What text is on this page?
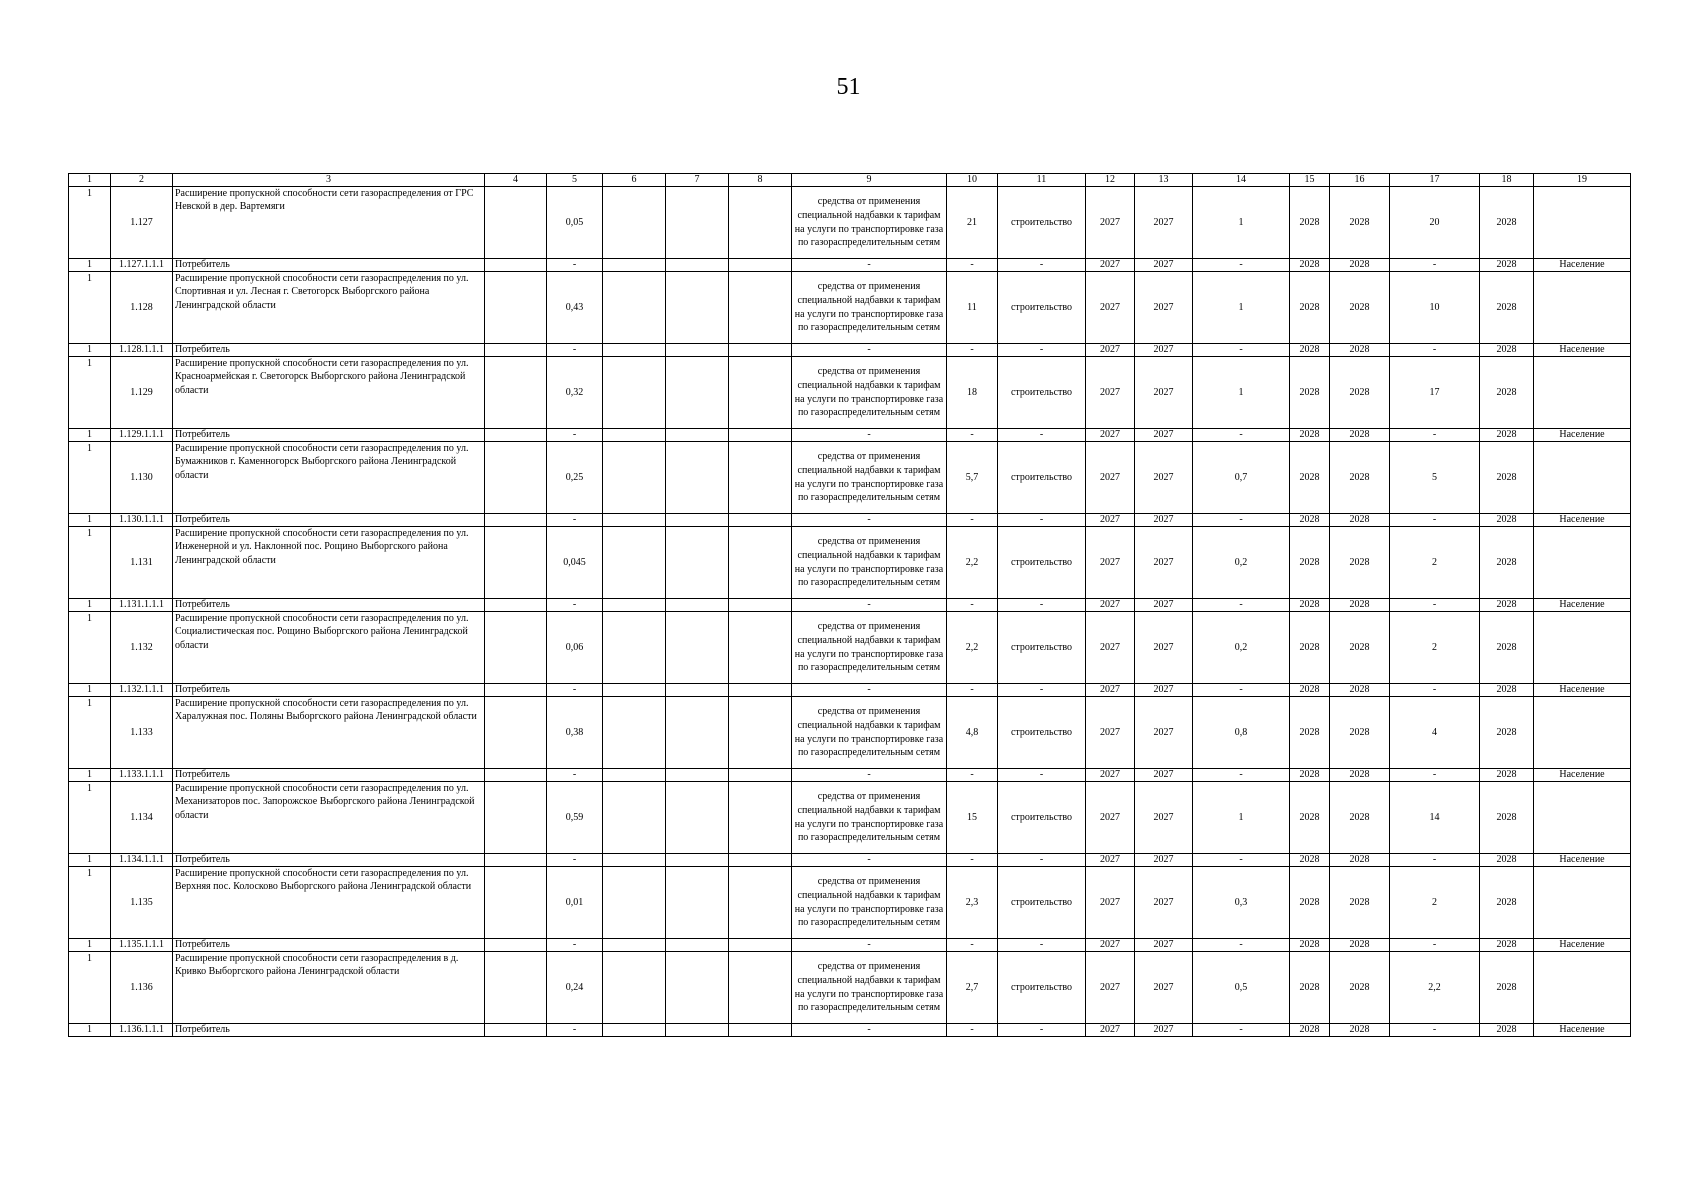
51
1	2	3	4	5	6	7	8	9	10	11	12	13	14	15	16	17	18	19
1	1.127	Расширение пропускной способности сети газораспределения от ГРС Невской в дер. Вартемяги		0,05				средства от применения специальной надбавки к тарифам на услуги по транспортировке газа по газораспределительным сетям	21	строительство	2027	2027	1	2028	2028	20	2028	
1	1.127.1.1.1	Потребитель		-				-	-	-	2027	2027	-	2028	2028	-	2028	Население
1	1.128	Расширение пропускной способности сети газораспределения по ул. Спортивная и ул. Лесная г. Светогорск Выборгского района Ленинградской области		0,43				средства от применения специальной надбавки к тарифам на услуги по транспортировке газа по газораспределительным сетям	11	строительство	2027	2027	1	2028	2028	10	2028	
1	1.128.1.1.1	Потребитель		-				-	-	-	2027	2027	-	2028	2028	-	2028	Население
1	1.129	Расширение пропускной способности сети газораспределения по ул. Красноармейская г. Светогорск Выборгского района Ленинградской области		0,32				средства от применения специальной надбавки к тарифам на услуги по транспортировке газа по газораспределительным сетям	18	строительство	2027	2027	1	2028	2028	17	2028	
1	1.129.1.1.1	Потребитель		-				-	-	-	2027	2027	-	2028	2028	-	2028	Население
1	1.130	Расширение пропускной способности сети газораспределения по ул. Бумажников г. Каменногорск Выборгского района Ленинградской области		0,25				средства от применения специальной надбавки к тарифам на услуги по транспортировке газа по газораспределительным сетям	5,7	строительство	2027	2027	0,7	2028	2028	5	2028	
1	1.130.1.1.1	Потребитель		-				-	-	-	2027	2027	-	2028	2028	-	2028	Население
1	1.131	Расширение пропускной способности сети газораспределения по ул. Инженерной и ул. Наклонной пос. Рощино Выборгского района Ленинградской области		0,045				средства от применения специальной надбавки к тарифам на услуги по транспортировке газа по газораспределительным сетям	2,2	строительство	2027	2027	0,2	2028	2028	2	2028	
1	1.131.1.1.1	Потребитель		-				-	-	-	2027	2027	-	2028	2028	-	2028	Население
1	1.132	Расширение пропускной способности сети газораспределения по ул. Социалистическая пос. Рощино Выборгского района Ленинградской области		0,06				средства от применения специальной надбавки к тарифам на услуги по транспортировке газа по газораспределительным сетям	2,2	строительство	2027	2027	0,2	2028	2028	2	2028	
1	1.132.1.1.1	Потребитель		-				-	-	-	2027	2027	-	2028	2028	-	2028	Население
1	1.133	Расширение пропускной способности сети газораспределения по ул. Харалужная пос. Поляны Выборгского района Ленинградской области		0,38				средства от применения специальной надбавки к тарифам на услуги по транспортировке газа по газораспределительным сетям	4,8	строительство	2027	2027	0,8	2028	2028	4	2028	
1	1.133.1.1.1	Потребитель		-				-	-	-	2027	2027	-	2028	2028	-	2028	Население
1	1.134	Расширение пропускной способности сети газораспределения по ул. Механизаторов пос. Запорожское Выборгского района Ленинградской области		0,59				средства от применения специальной надбавки к тарифам на услуги по транспортировке газа по газораспределительным сетям	15	строительство	2027	2027	1	2028	2028	14	2028	
1	1.134.1.1.1	Потребитель		-				-	-	-	2027	2027	-	2028	2028	-	2028	Население
1	1.135	Расширение пропускной способности сети газораспределения по ул. Верхняя пос. Колосково Выборгского района Ленинградской области		0,01				средства от применения специальной надбавки к тарифам на услуги по транспортировке газа по газораспределительным сетям	2,3	строительство	2027	2027	0,3	2028	2028	2	2028	
1	1.135.1.1.1	Потребитель		-				-	-	-	2027	2027	-	2028	2028	-	2028	Население
1	1.136	Расширение пропускной способности сети газораспределения в д. Кривко Выборгского района Ленинградской области		0,24				средства от применения специальной надбавки к тарифам на услуги по транспортировке газа по газораспределительным сетям	2,7	строительство	2027	2027	0,5	2028	2028	2,2	2028	
1	1.136.1.1.1	Потребитель		-				-	-	-	2027	2027	-	2028	2028	-	2028	Население
